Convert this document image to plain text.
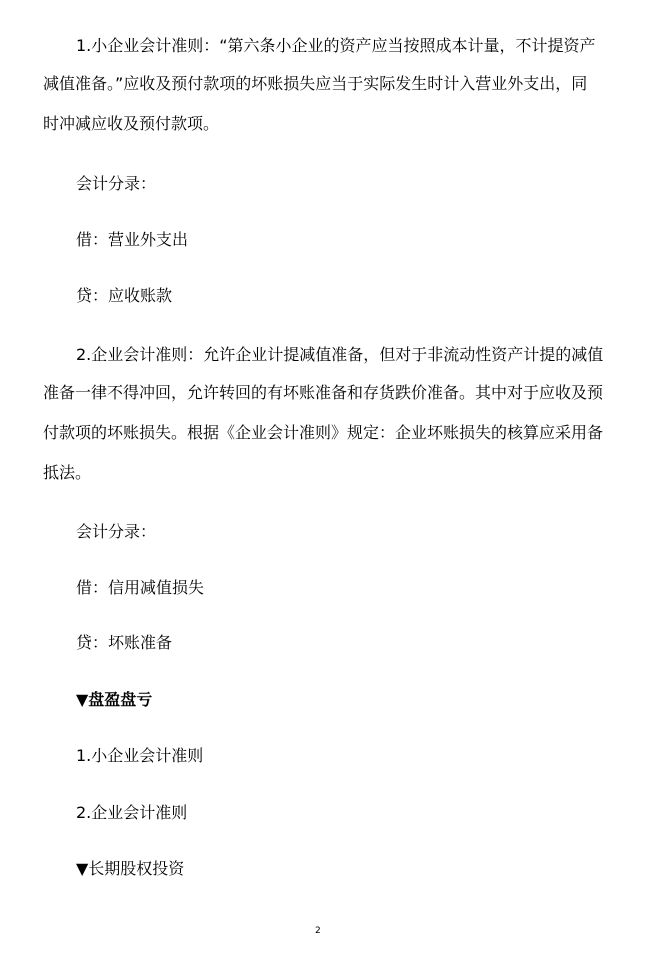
1.小企业会计准则：“第六条小企业的资产应当按照成本计量，不计提资产
减值准备。”应收及预付款项的坏账损失应当于实际发生时计入营业外支出，同
时冲减应收及预付款项。
会计分录：
借：营业外支出
贷：应收账款
2.企业会计准则：允许企业计提减值准备，但对于非流动性资产计提的减值
准备一律不得冲回，允许转回的有坏账准备和存货跌价准备。其中对于应收及预
付款项的坏账损失。根据《企业会计准则》规定：企业坏账损失的核算应采用备
抵法。
会计分录：
借：信用减值损失
贷：坏账准备
▼盘盈盘亏
1.小企业会计准则
2.企业会计准则
▼长期股权投资
2
